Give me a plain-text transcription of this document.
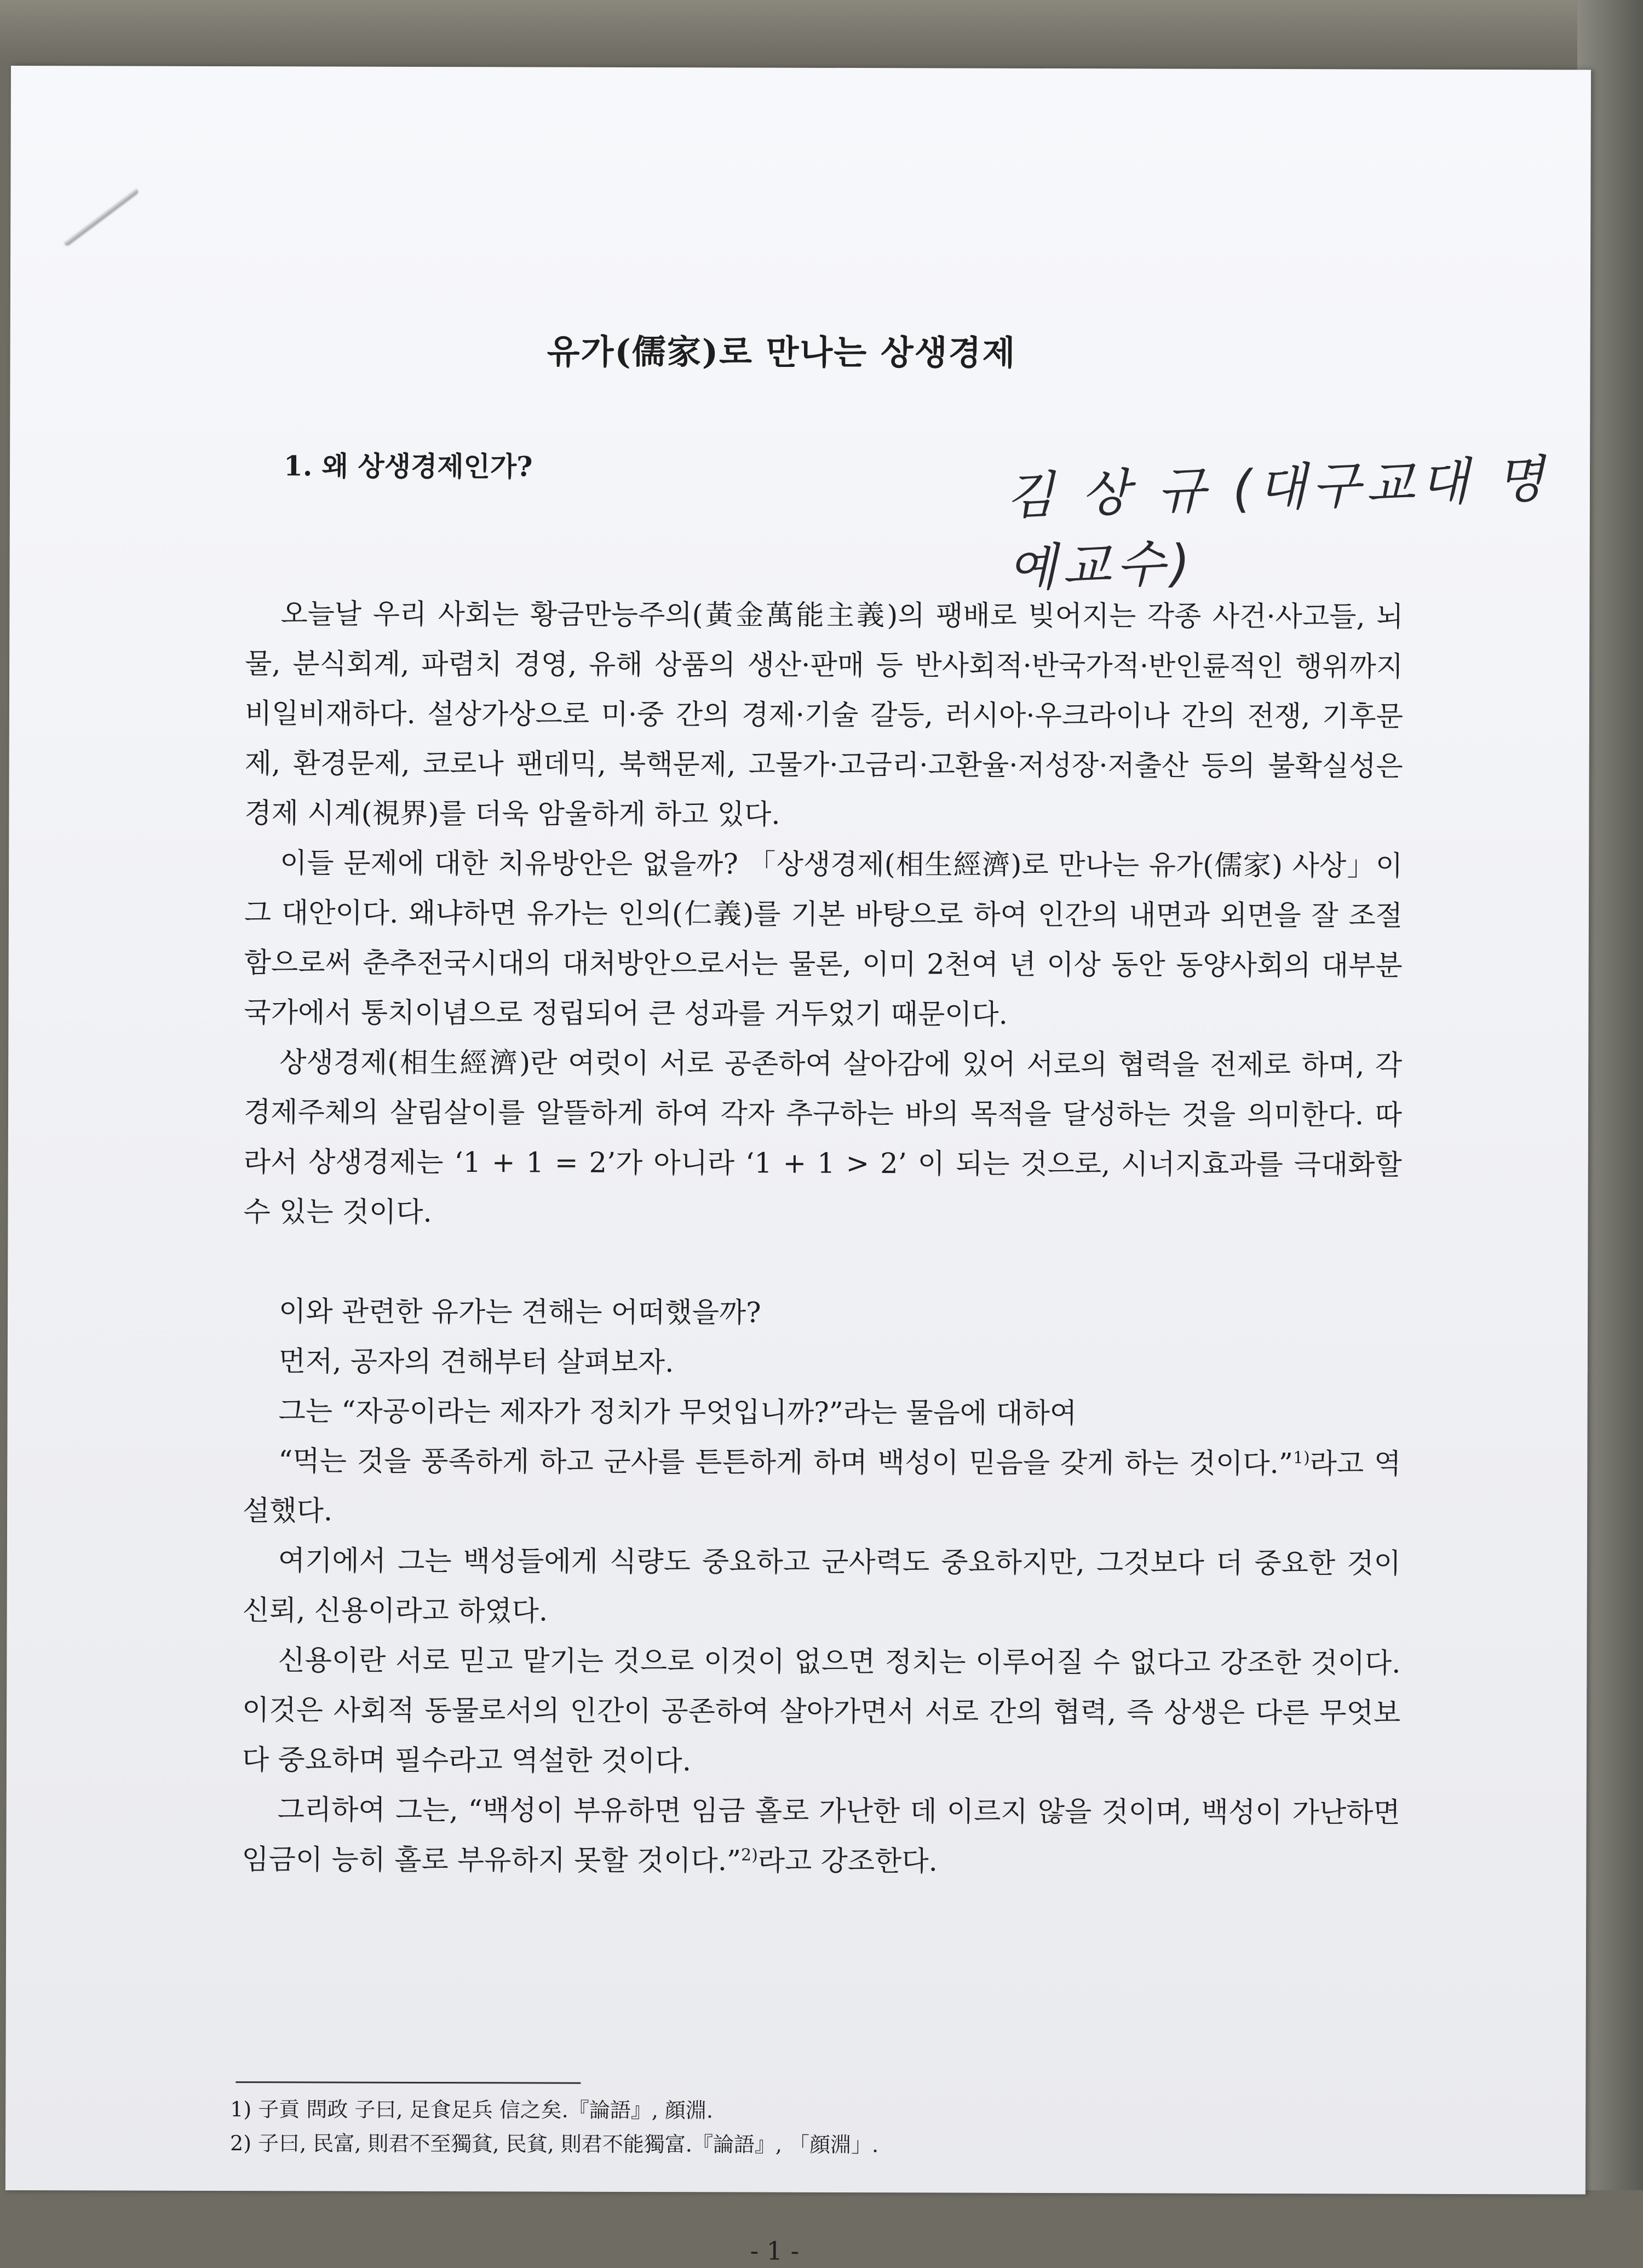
유가(儒家)로 만나는 상생경제
1. 왜 상생경제인가?	김 상 규 (대구교대 명예교수)

오늘날 우리 사회는 황금만능주의(黃金萬能主義)의 팽배로 빚어지는 각종 사건·사고들, 뇌물, 분식회계, 파렴치 경영, 유해 상품의 생산·판매 등 반사회적·반국가적·반인륜적인 행위까지 비일비재하다. 설상가상으로 미·중 간의 경제·기술 갈등, 러시아·우크라이나 간의 전쟁, 기후문제, 환경문제, 코로나 팬데믹, 북핵문제, 고물가·고금리·고환율·저성장·저출산 등의 불확실성은 경제 시계(視界)를 더욱 암울하게 하고 있다.

이들 문제에 대한 치유방안은 없을까? 「상생경제(相生經濟)로 만나는 유가(儒家) 사상」이 그 대안이다. 왜냐하면 유가는 인의(仁義)를 기본 바탕으로 하여 인간의 내면과 외면을 잘 조절함으로써 춘추전국시대의 대처방안으로서는 물론, 이미 2천여 년 이상 동안 동양사회의 대부분 국가에서 통치이념으로 정립되어 큰 성과를 거두었기 때문이다.

상생경제(相生經濟)란 여럿이 서로 공존하여 살아감에 있어 서로의 협력을 전제로 하며, 각 경제주체의 살림살이를 알뜰하게 하여 각자 추구하는 바의 목적을 달성하는 것을 의미한다. 따라서 상생경제는 ‘1 + 1 = 2’가 아니라 ‘1 + 1 > 2’ 이 되는 것으로, 시너지효과를 극대화할 수 있는 것이다.

이와 관련한 유가는 견해는 어떠했을까?

먼저, 공자의 견해부터 살펴보자.

그는 “자공이라는 제자가 정치가 무엇입니까?”라는 물음에 대하여

“먹는 것을 풍족하게 하고 군사를 튼튼하게 하며 백성이 믿음을 갖게 하는 것이다.”$^{1)}$라고 역설했다.

여기에서 그는 백성들에게 식량도 중요하고 군사력도 중요하지만, 그것보다 더 중요한 것이 신뢰, 신용이라고 하였다.

신용이란 서로 믿고 맡기는 것으로 이것이 없으면 정치는 이루어질 수 없다고 강조한 것이다. 이것은 사회적 동물로서의 인간이 공존하여 살아가면서 서로 간의 협력, 즉 상생은 다른 무엇보다 중요하며 필수라고 역설한 것이다.

그리하여 그는, “백성이 부유하면 임금 홀로 가난한 데 이르지 않을 것이며, 백성이 가난하면 임금이 능히 홀로 부유하지 못할 것이다.”$^{2)}$라고 강조한다.

1) 子貢 問政 子曰, 足食足兵 信之矣.『論語』, 顔淵.

2) 子曰, 民富, 則君不至獨貧, 民貧, 則君不能獨富.『論語』, 「顔淵」.

- 1 -
